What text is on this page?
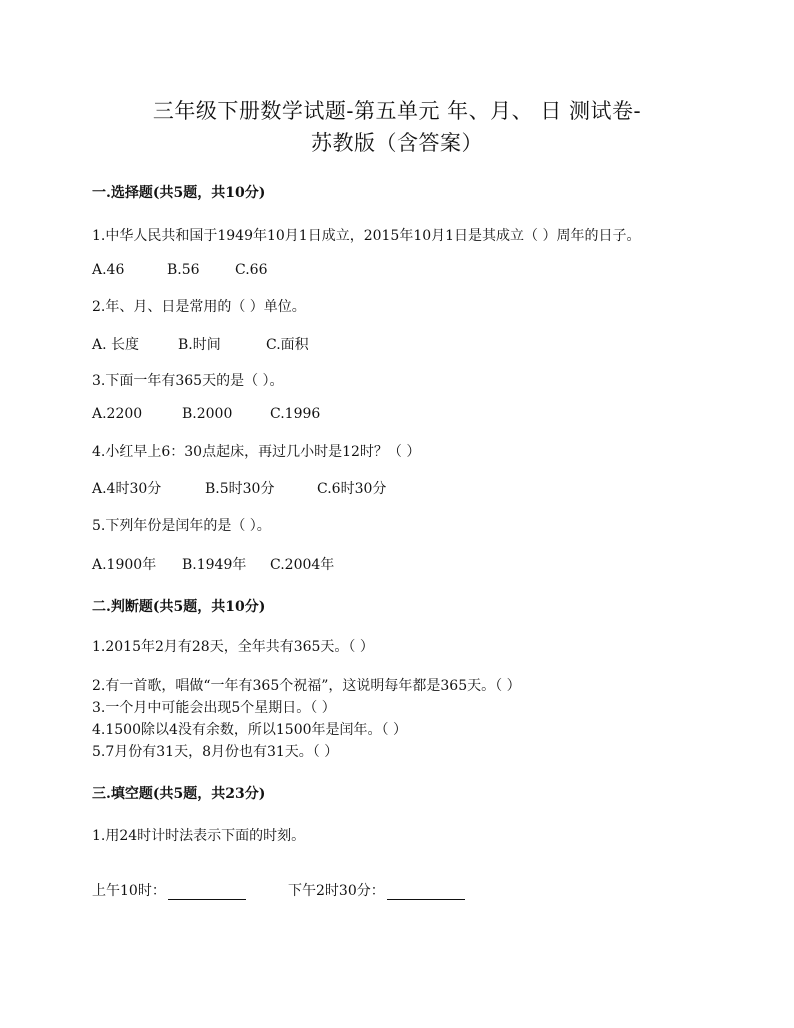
三年级下册数学试题-第五单元 年、月、 日 测试卷-
苏教版（含答案）
一.选择题(共5题，共10分)
1.中华人民共和国于1949年10月1日成立，2015年10月1日是其成立（ ）周年的日子。
A.46	B.56	C.66
2.年、月、日是常用的（ ）单位。
A. 长度	B.时间	C.面积
3.下面一年有365天的是（ ）。
A.2200	B.2000	C.1996
4.小红早上6：30点起床，再过几小时是12时？（ ）
A.4时30分	B.5时30分	C.6时30分
5.下列年份是闰年的是（ ）。
A.1900年 B.1949年 C.2004年
二.判断题(共5题，共10分)
1.2015年2月有28天，全年共有365天。（ ）
2.有一首歌，唱做“一年有365个祝福”，这说明每年都是365天。（ ）
3.一个月中可能会出现5个星期日。（ ）
4.1500除以4没有余数，所以1500年是闰年。（ ）
5.7月份有31天，8月份也有31天。（ ）
三.填空题(共5题，共23分)
1.用24时计时法表示下面的时刻。
上午10时：	下午2时30分：
